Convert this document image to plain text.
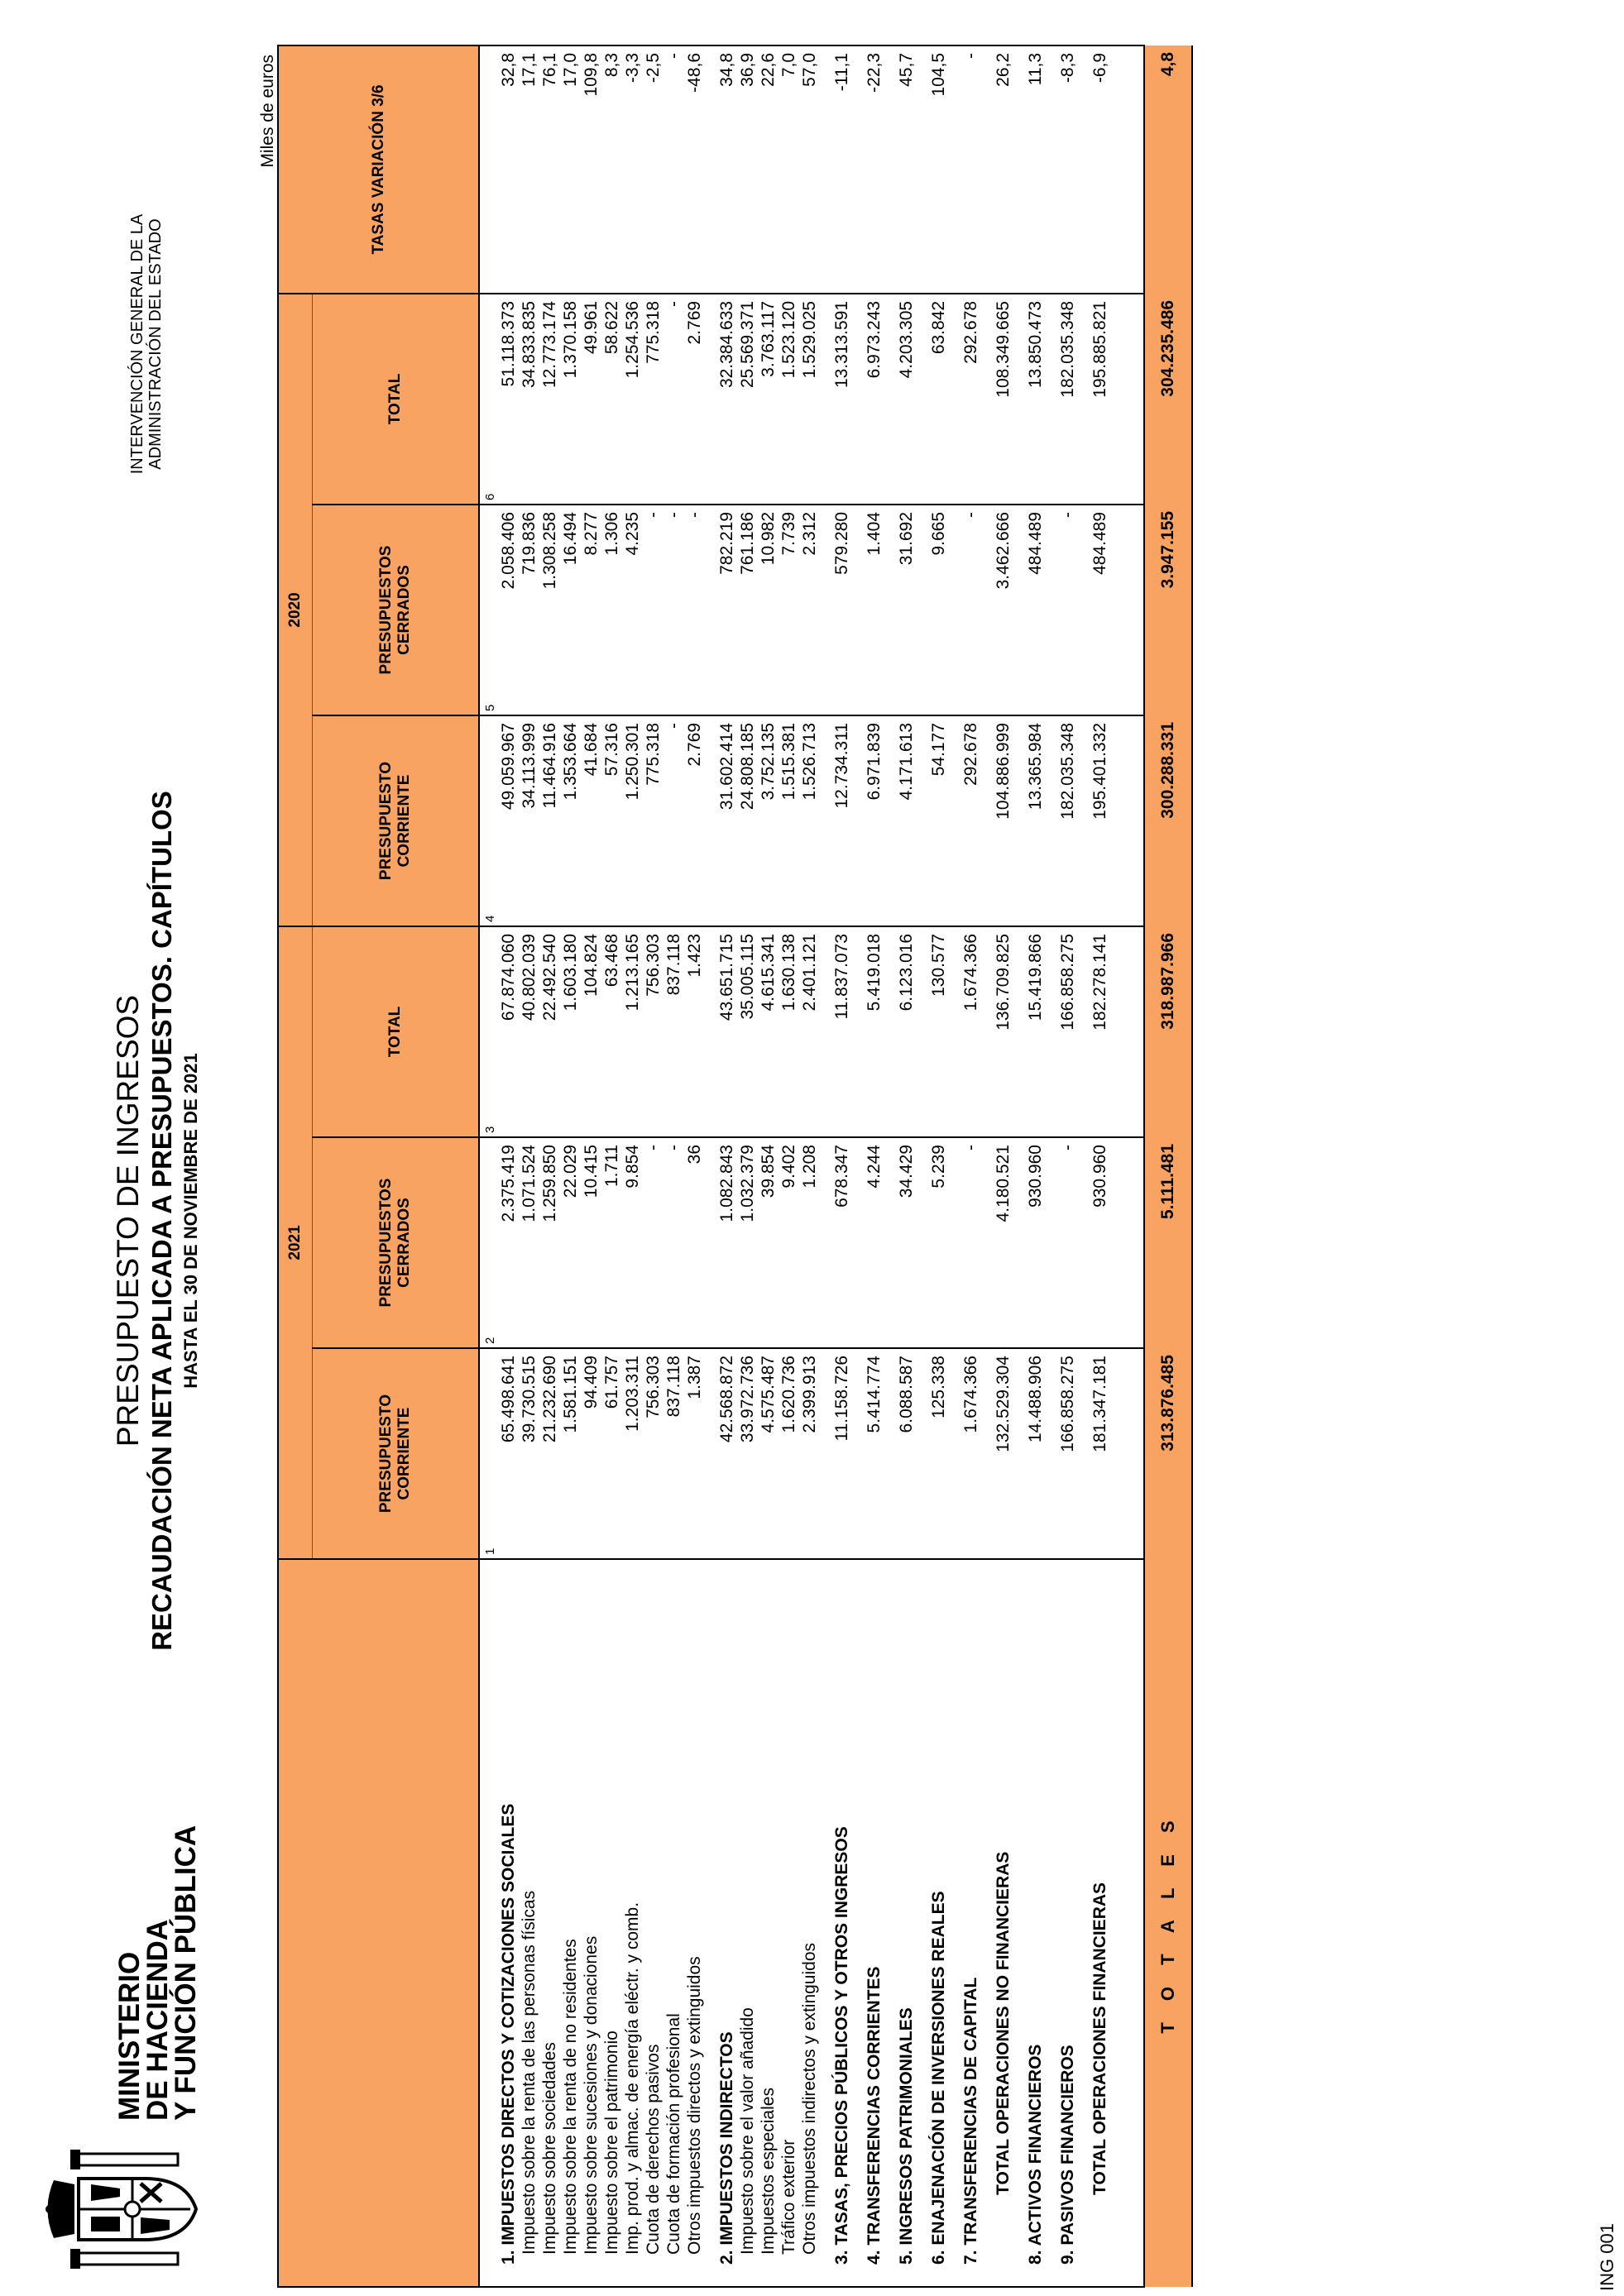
MINISTERIO
DE HACIENDA
Y FUNCIÓN PÚBLICA
PRESUPUESTO DE INGRESOS RECAUDACIÓN NETA APLICADA A PRESUPUESTOS. CAPÍTULOS HASTA EL 30 DE NOVIEMBRE DE 2021
INTERVENCIÓN GENERAL DE LA ADMINISTRACIÓN DEL ESTADO
Miles de euros
	2021			2020			TASAS VARIACIÓN 3/6
	PRESUPUESTO CORRIENTE	PRESUPUESTOS CERRADOS	TOTAL	PRESUPUESTO CORRIENTE	PRESUPUESTOS CERRADOS	TOTAL	

	1	2	3	4	5	6	

1. IMPUESTOS DIRECTOS Y COTIZACIONES SOCIALES	65.498.641	2.375.419	67.874.060	49.059.967	2.058.406	51.118.373	32,8
Impuesto sobre la renta de las personas físicas	39.730.515	1.071.524	40.802.039	34.113.999	719.836	34.833.835	17,1
Impuesto sobre sociedades	21.232.690	1.259.850	22.492.540	11.464.916	1.308.258	12.773.174	76,1
Impuesto sobre la renta de no residentes	1.581.151	22.029	1.603.180	1.353.664	16.494	1.370.158	17,0
Impuesto sobre sucesiones y donaciones	94.409	10.415	104.824	41.684	8.277	49.961	109,8
Impuesto sobre el patrimonio	61.757	1.711	63.468	57.316	1.306	58.622	8,3
Imp. prod. y almac. de energía eléctr. y comb.	1.203.311	9.854	1.213.165	1.250.301	4.235	1.254.536	-3,3
Cuota de derechos pasivos	756.303	-	756.303	775.318	-	775.318	-2,5
Cuota de formación profesional	837.118	-	837.118	-	-	-	-
Otros impuestos directos y extinguidos	1.387	36	1.423	2.769	-	2.769	-48,6

2. IMPUESTOS INDIRECTOS	42.568.872	1.082.843	43.651.715	31.602.414	782.219	32.384.633	34,8
Impuesto sobre el valor añadido	33.972.736	1.032.379	35.005.115	24.808.185	761.186	25.569.371	36,9
Impuestos especiales	4.575.487	39.854	4.615.341	3.752.135	10.982	3.763.117	22,6
Tráfico exterior	1.620.736	9.402	1.630.138	1.515.381	7.739	1.523.120	7,0
Otros impuestos indirectos y extinguidos	2.399.913	1.208	2.401.121	1.526.713	2.312	1.529.025	57,0

3. TASAS, PRECIOS PÚBLICOS Y OTROS INGRESOS	11.158.726	678.347	11.837.073	12.734.311	579.280	13.313.591	-11,1

4. TRANSFERENCIAS CORRIENTES	5.414.774	4.244	5.419.018	6.971.839	1.404	6.973.243	-22,3

5. INGRESOS PATRIMONIALES	6.088.587	34.429	6.123.016	4.171.613	31.692	4.203.305	45,7

6. ENAJENACIÓN DE INVERSIONES REALES	125.338	5.239	130.577	54.177	9.665	63.842	104,5

7. TRANSFERENCIAS DE CAPITAL	1.674.366	-	1.674.366	292.678	-	292.678	-

TOTAL OPERACIONES NO FINANCIERAS	132.529.304	4.180.521	136.709.825	104.886.999	3.462.666	108.349.665	26,2

8. ACTIVOS FINANCIEROS	14.488.906	930.960	15.419.866	13.365.984	484.489	13.850.473	11,3

9. PASIVOS FINANCIEROS	166.858.275	-	166.858.275	182.035.348	-	182.035.348	-8,3

TOTAL OPERACIONES FINANCIERAS	181.347.181	930.960	182.278.141	195.401.332	484.489	195.885.821	-6,9

T O T A L E S	313.876.485	5.111.481	318.987.966	300.288.331	3.947.155	304.235.486	4,8
ING 001
